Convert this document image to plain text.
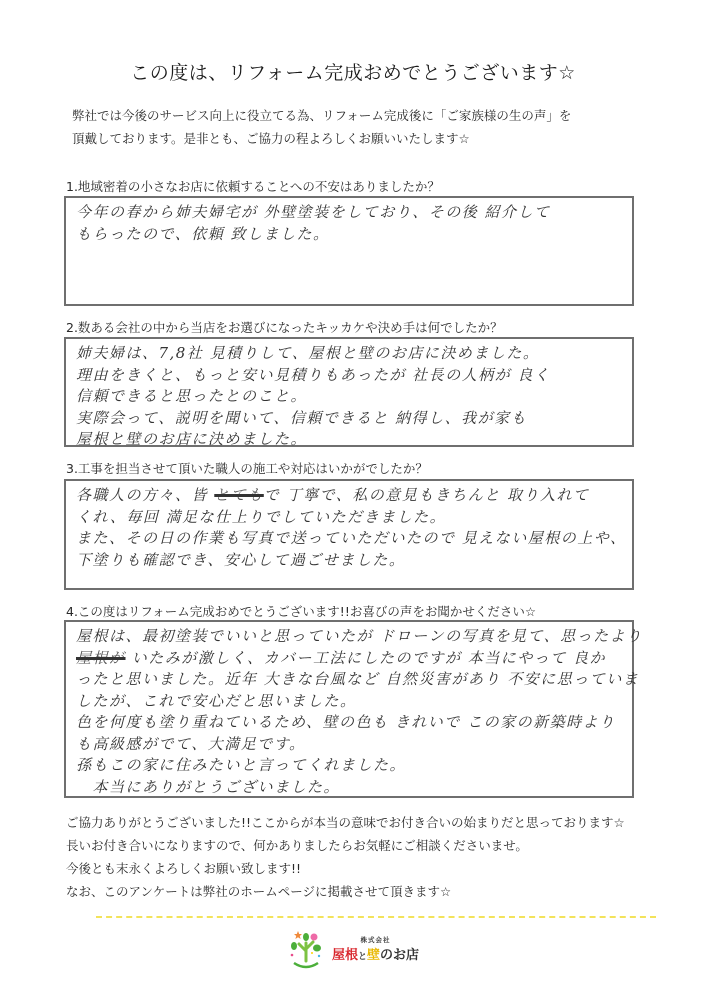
この度は、リフォーム完成おめでとうございます☆
弊社では今後のサービス向上に役立てる為、リフォーム完成後に「ご家族様の生の声」を
頂戴しております。是非とも、ご協力の程よろしくお願いいたします☆
1.地域密着の小さなお店に依頼することへの不安はありましたか？
今年の春から姉夫婦宅が 外壁塗装をしており、その後 紹介して
もらったので、依頼 致しました。
2.数ある会社の中から当店をお選びになったキッカケや決め手は何でしたか？
姉夫婦は、7,8社 見積りして、屋根と壁のお店に決めました。
理由をきくと、もっと安い見積りもあったが 社長の人柄が 良く
信頼できると思ったとのこと。
実際会って、説明を聞いて、信頼できると 納得し、我が家も
屋根と壁のお店に決めました。
3.工事を担当させて頂いた職人の施工や対応はいかがでしたか？
各職人の方々、皆 とてもで 丁寧で、私の意見もきちんと 取り入れて
くれ、毎回 満足な仕上りでしていただきました。
また、その日の作業も写真で送っていただいたので 見えない屋根の上や、
下塗りも確認でき、安心して過ごせました。
4.この度はリフォーム完成おめでとうございます!!お喜びの声をお聞かせください☆
屋根は、最初塗装でいいと思っていたが ドローンの写真を見て、思ったより
屋根が いたみが激しく、カバー工法にしたのですが 本当にやって 良か
ったと思いました。近年 大きな台風など 自然災害があり 不安に思っていま
したが、これで安心だと思いました。
色を何度も塗り重ねているため、壁の色も きれいで この家の新築時より
も高級感がでて、大満足です。
孫もこの家に住みたいと言ってくれました。
　本当にありがとうございました。
ご協力ありがとうございました!!ここからが本当の意味でお付き合いの始まりだと思っております☆
長いお付き合いになりますので、何かありましたらお気軽にご相談くださいませ。
今後とも末永くよろしくお願い致します!!
なお、このアンケートは弊社のホームページに掲載させて頂きます☆
株式会社
屋根と壁のお店
